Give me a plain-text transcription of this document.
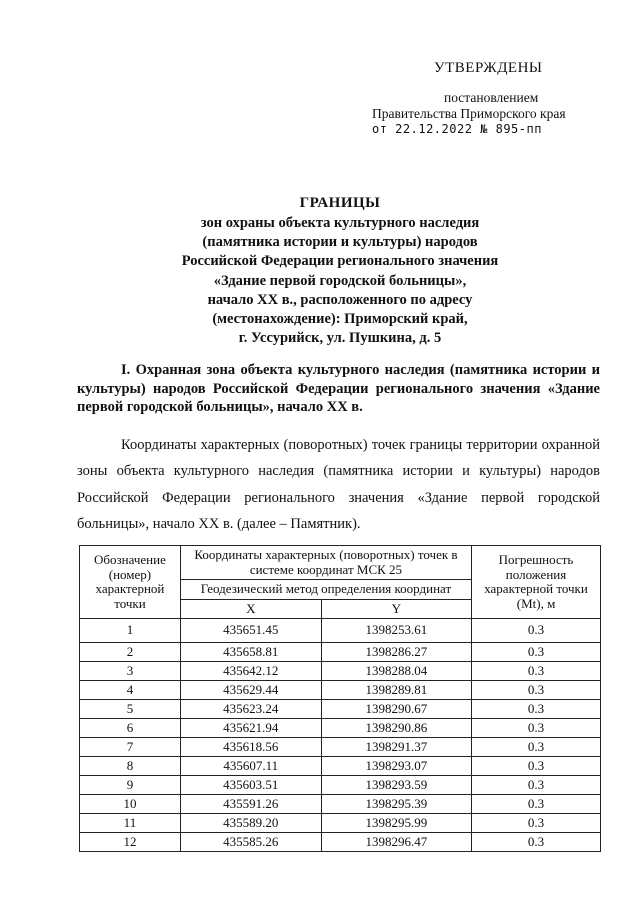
УТВЕРЖДЕНЫ
постановлением
Правительства Приморского края
от 22.12.2022 № 895-пп
ГРАНИЦЫ
зон охраны объекта культурного наследия
(памятника истории и культуры) народов
Российской Федерации регионального значения
«Здание первой городской больницы»,
начало XX в., расположенного по адресу
(местонахождение): Приморский край,
г. Уссурийск, ул. Пушкина, д. 5
I. Охранная зона объекта культурного наследия (памятника истории и культуры) народов Российской Федерации регионального значения «Здание первой городской больницы», начало XX в.
Координаты характерных (поворотных) точек границы территории охранной зоны объекта культурного наследия (памятника истории и культуры) народов Российской Федерации регионального значения «Здание первой городской больницы», начало XX в. (далее – Памятник).
Обозначение (номер) характерной точки	Координаты характерных (поворотных) точек в системе координат МСК 25		Погрешность положения характерной точки (Mt), м
	Геодезический метод определения координат		
	X	Y	
1	435651.45	1398253.61	0.3
2	435658.81	1398286.27	0.3
3	435642.12	1398288.04	0.3
4	435629.44	1398289.81	0.3
5	435623.24	1398290.67	0.3
6	435621.94	1398290.86	0.3
7	435618.56	1398291.37	0.3
8	435607.11	1398293.07	0.3
9	435603.51	1398293.59	0.3
10	435591.26	1398295.39	0.3
11	435589.20	1398295.99	0.3
12	435585.26	1398296.47	0.3
